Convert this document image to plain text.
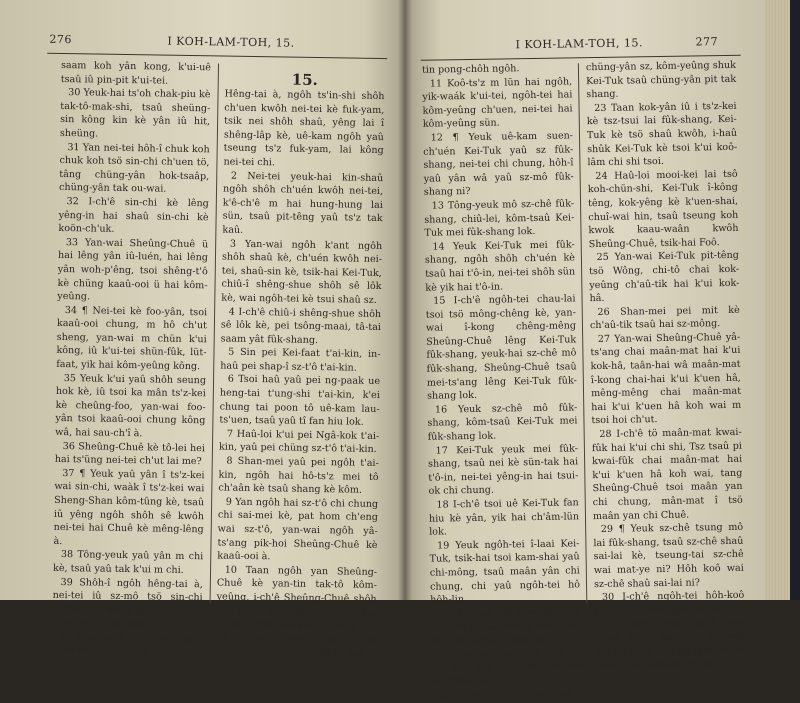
276	I KOH-LAM-TOH, 15.

saam koh yân kong, k'ui-uê tsaû iû pin-pit k'ui-tei.

30 Yeuk-hai ts'oh chak-piu kè tak-tô-mak-shi, tsaû sheüng-sin kông kin kè yân iû hit, sheüng.

31 Yan nei-tei hôh-î chuk koh chuk koh tsö sin-chi ch'uen tö, tâng chüng-yân hok-tsaâp, chüng-yân tak ou-wai.

32 I-ch'ê sin-chi kè lêng yêng-in hai shaû sin-chi kè koön-ch'uk.

33 Yan-wai Sheûng-Chuê ü hai lêng yân iû-luén, hai lêng yân woh-p'êng, tsoi shêng-t'ô kè chüng kaaû-ooi ü hai kôm-yeûng.

34 ¶ Nei-tei kè foo-yân, tsoi kaaû-ooi chung, m hô ch'ut sheng, yan-wai m chün k'ui kông, iû k'ui-tei shün-fûk, lüt-faat, yik hai kôm-yeûng kông.

35 Yeuk k'ui yaû shôh seung hok kè, iû tsoi ka mân ts'z-kei kè cheûng-foo, yan-wai foo-yân tsoi kaaû-ooi chung kông wâ, hai sau-ch'î à.

36 Sheûng-Chuê kè tô-lei hei hai ts'üng nei-tei ch'ut lai me?

37 ¶ Yeuk yaû yân î ts'z-kei wai sin-chi, waàk î ts'z-kei wai Sheng-Shan kôm-tûng kè, tsaû iû yêng ngôh shôh sê kwôh nei-tei hai Chuê kè mêng-lêng à.

38 Tông-yeuk yaû yân m chi kè, tsaû yaû tak k'ui m chi.

39 Shôh-î ngôh hêng-tai à, nei-tei iû sz-mô tsö sin-chi ch'uén tö, kông pat ch'uê t'ô-t'aam yik m hô tsoi-chi.

40 Faan sz iû hôp-î uê-k'âp î-chuê ts'z-tsuî lai tsö.

15.

Hêng-tai à, ngôh ts'in-shi shôh ch'uen kwôh nei-tei kè fuk-yam, tsik nei shôh shaû, yêng lai î shêng-lâp kè, uê-kam ngôh yaû tseung ts'z fuk-yam, lai kông nei-tei chi.

2 Nei-tei yeuk-hai kin-shaû ngôh shôh ch'uén kwôh nei-tei, k'ê-ch'ê m hai hung-hung lai sün, tsaû pit-têng yaû ts'z tak kaû.

3 Yan-wai ngôh k'ant ngôh shôh shaû kè, ch'uén kwôh nei-tei, shaû-sin kè, tsik-hai Kei-Tuk, chiû-î shêng-shue shôh sê lôk kè, wai ngôh-tei kè tsui shaû sz.

4 I-ch'ê chiû-i shêng-shue shôh sê lôk kè, pei tsông-maai, tâ-tai saam yât fûk-shang.

5 Sin pei Kei-faat t'ai-kin, in-haû pei shap-î sz-t'ô t'ai-kin.

6 Tsoi haû yaû pei ng-paak ue heng-tai t'ung-shi t'ai-kin, k'ei chung tai poon tô uê-kam lau-ts'uen, tsaû yaû tî fan hiu lok.

7 Haû-loi k'ui pei Ngâ-kok t'ai-kin, yaû pei chüng sz-t'ô t'ai-kin.

8 Shan-mei yaû pei ngôh t'ai-kin, ngôh hai hô-ts'z mei tô ch'aân kè tsaû shang kè kôm.

9 Yan ngôh hai sz-t'ô chi chung chi sai-mei kè, pat hom ch'eng wai sz-t'ô, yan-wai ngôh yâ-ts'ang pik-hoi Sheûng-Chuê kè kaaû-ooi à.

10 Taan ngôh yan Sheûng-Chuê kè yan-tin tak-tô kôm-yeûng, i-ch'ê Sheûng-Chuê shôh ts'z kwôh ngôh kè yan-tin m hai t'o-in, ngôh pei-kaau chüng sz-t'ô nei-faat, lô-foô, taan m hai ngôh, hai Sheûng-Chuê kè yan-

I KOH-LAM-TOH, 15.	277

tin pong-chôh ngôh.

11 Koô-ts'z m lün hai ngôh, yik-waák k'ui-tei, ngôh-tei hai kôm-yeûng ch'uen, nei-tei hai kôm-yeûng sün.

12 ¶ Yeuk uê-kam suen-ch'uén Kei-Tuk yaû sz fûk-shang, nei-tei chi chung, hôh-î yaû yân wâ yaû sz-mô fûk-shang ni?

13 Tông-yeuk mô sz-chê fûk-shang, chiû-lei, kôm-tsaû Kei-Tuk mei fûk-shang lok.

14 Yeuk Kei-Tuk mei fûk-shang, ngôh shôh ch'uén kè tsaû hai t'ô-in, nei-tei shôh sün kè yik hai t'ô-in.

15 I-ch'ê ngôh-tei chau-lai tsoi tsö mông-chêng kè, yan-wai î-kong chêng-mêng Sheûng-Chuê lêng Kei-Tuk fûk-shang, yeuk-hai sz-chê mô fûk-shang, Sheûng-Chuê tsaû mei-ts'ang lêng Kei-Tuk fûk-shang lok.

16 Yeuk sz-chê mô fûk-shang, kôm-tsaû Kei-Tuk mei fûk-shang lok.

17 Kei-Tuk yeuk mei fûk-shang, tsaû nei kè sün-tak hai t'ô-in, nei-tei yêng-in hai tsui-ok chi chung.

18 I-ch'ê tsoi uê Kei-Tuk fan hiu kè yân, yik hai ch'âm-lün lok.

19 Yeuk ngôh-tei î-laai Kei-Tuk, tsik-hai tsoi kam-shai yaû chi-mông, tsaû maân yân chi chung, chi yaû ngôh-tei hô hôh-lin.

20 ¶ Taan uê-kam Kei-Tuk hai yaû sz fûk-shang, i-ch'ê tsö fan hiu chê chi shaû kwôh.

21 Kei yan yan tsaû yaû sz, yik yan yân tsaû yaû sz-chê chi fûk-shang.

22 Hô-ts'z shuk A-tong tsaû

chüng-yân sz, kôm-yeûng shuk Kei-Tuk tsaû chüng-yân pit tak shang.

23 Taan kok-yân iû i ts'z-kei kè tsz-tsui lai fûk-shang, Kei-Tuk kè tsö shaû kwôh, i-haû shûk Kei-Tuk kè tsoi k'ui koô-lâm chi shi tsoi.

24 Haû-loi mooi-kei lai tsô koh-chün-shi, Kei-Tuk î-kông têng, kok-yêng kè k'uen-shai, chuî-wai hin, tsaû tseung koh kwok kaau-waân kwôh Sheûng-Chuê, tsik-hai Foô.

25 Yan-wai Kei-Tuk pit-têng tsö Wông, chi-tô chai kok-yeûng ch'aû-tik hai k'ui kok-hâ.

26 Shan-mei pei mit kè ch'aû-tik tsaû hai sz-mông.

27 Yan-wai Sheûng-Chuê yâ-ts'ang chai maân-mat hai k'ui kok-hâ, taân-hai wâ maân-mat î-kong chai-hai k'ui k'uen hâ, mêng-mêng chai maân-mat hai k'ui k'uen hâ koh wai m tsoi hoi ch'ut.

28 I-ch'ê tö maân-mat kwai-fûk hai k'ui chi shi, Tsz tsaû pi kwai-fûk chai maân-mat hai k'ui k'uen hâ koh wai, tang Sheûng-Chuê tsoi maân yan chi chung, mân-mat î tsö maân yan chi Chuê.

29 ¶ Yeuk sz-chê tsung mô lai fûk-shang, tsaû sz-chê shaû sai-lai kè, tseung-tai sz-chê wai mat-ye ni? Hôh koô wai sz-chê shaû sai-lai ni?

30 I-ch'ê ngôh-tei hôh-koô sheüng-shi mô ngai-hin ni?

31 Ngôh k'aat ngôh tsoi Chuê Yê-So Kei-Tuk, yan-wai nei-tei ngôh yaû kè faai-lôk lai shai, ngôh yât-yât mô-sz.
